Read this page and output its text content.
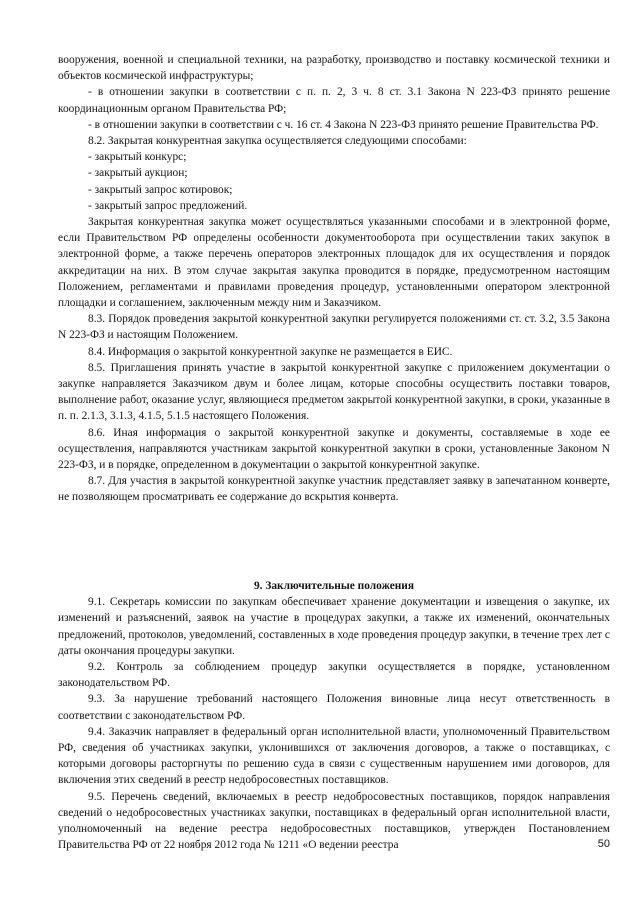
вооружения, военной и специальной техники, на разработку, производство и поставку космической техники и объектов космической инфраструктуры;

- в отношении закупки в соответствии с п. п. 2, 3 ч. 8 ст. 3.1 Закона N 223-ФЗ принято решение координационным органом Правительства РФ;

- в отношении закупки в соответствии с ч. 16 ст. 4 Закона N 223-ФЗ принято решение Правительства РФ.

8.2. Закрытая конкурентная закупка осуществляется следующими способами:

- закрытый конкурс;

- закрытый аукцион;

- закрытый запрос котировок;

- закрытый запрос предложений.

Закрытая конкурентная закупка может осуществляться указанными способами и в электронной форме, если Правительством РФ определены особенности документооборота при осуществлении таких закупок в электронной форме, а также перечень операторов электронных площадок для их осуществления и порядок аккредитации на них. В этом случае закрытая закупка проводится в порядке, предусмотренном настоящим Положением, регламентами и правилами проведения процедур, установленными оператором электронной площадки и соглашением, заключенным между ним и Заказчиком.

8.3. Порядок проведения закрытой конкурентной закупки регулируется положениями ст. ст. 3.2, 3.5 Закона N 223-ФЗ и настоящим Положением.

8.4. Информация о закрытой конкурентной закупке не размещается в ЕИС.

8.5. Приглашения принять участие в закрытой конкурентной закупке с приложением документации о закупке направляется Заказчиком двум и более лицам, которые способны осуществить поставки товаров, выполнение работ, оказание услуг, являющиеся предметом закрытой конкурентной закупки, в сроки, указанные в п. п. 2.1.3, 3.1.3, 4.1.5, 5.1.5 настоящего Положения.

8.6. Иная информация о закрытой конкурентной закупке и документы, составляемые в ходе ее осуществления, направляются участникам закрытой конкурентной закупки в сроки, установленные Законом N 223-ФЗ, и в порядке, определенном в документации о закрытой конкурентной закупке.

8.7. Для участия в закрытой конкурентной закупке участник представляет заявку в запечатанном конверте, не позволяющем просматривать ее содержание до вскрытия конверта.

9. Заключительные положения

9.1. Секретарь комиссии по закупкам обеспечивает хранение документации и извещения о закупке, их изменений и разъяснений, заявок на участие в процедурах закупки, а также их изменений, окончательных предложений, протоколов, уведомлений, составленных в ходе проведения процедур закупки, в течение трех лет с даты окончания процедуры закупки.

9.2. Контроль за соблюдением процедур закупки осуществляется в порядке, установленном законодательством РФ.

9.3. За нарушение требований настоящего Положения виновные лица несут ответственность в соответствии с законодательством РФ.

9.4. Заказчик направляет в федеральный орган исполнительной власти, уполномоченный Правительством РФ, сведения об участниках закупки, уклонившихся от заключения договоров, а также о поставщиках, с которыми договоры расторгнуты по решению суда в связи с существенным нарушением ими договоров, для включения этих сведений в реестр недобросовестных поставщиков.

9.5. Перечень сведений, включаемых в реестр недобросовестных поставщиков, порядок направления сведений о недобросовестных участниках закупки, поставщиках в федеральный орган исполнительной власти, уполномоченный на ведение реестра недобросовестных поставщиков, утвержден Постановлением Правительства РФ от 22 ноября 2012 года № 1211 «О ведении реестра	50
